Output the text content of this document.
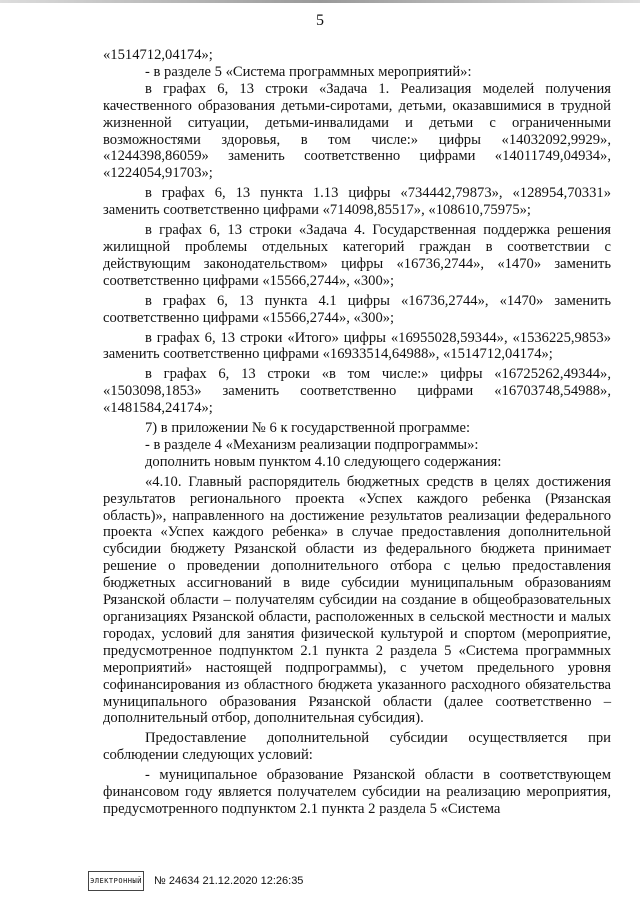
5

«1514712,04174»;

- в разделе 5 «Система программных мероприятий»:

в графах 6, 13 строки «Задача 1. Реализация моделей получения качественного образования детьми-сиротами, детьми, оказавшимися в трудной жизненной ситуации, детьми-инвалидами и детьми с ограниченными возможностями здоровья, в том числе:» цифры «14032092,9929», «1244398,86059» заменить соответственно цифрами «14011749,04934», «1224054,91703»;

в графах 6, 13 пункта 1.13 цифры «734442,79873», «128954,70331» заменить соответственно цифрами «714098,85517», «108610,75975»;

в графах 6, 13 строки «Задача 4. Государственная поддержка решения жилищной проблемы отдельных категорий граждан в соответствии с действующим законодательством» цифры «16736,2744», «1470» заменить соответственно цифрами «15566,2744», «300»;

в графах 6, 13 пункта 4.1 цифры «16736,2744», «1470» заменить соответственно цифрами «15566,2744», «300»;

в графах 6, 13 строки «Итого» цифры «16955028,59344», «1536225,9853» заменить соответственно цифрами «16933514,64988», «1514712,04174»;

в графах 6, 13 строки «в том числе:» цифры «16725262,49344», «1503098,1853» заменить соответственно цифрами «16703748,54988», «1481584,24174»;

7) в приложении № 6 к государственной программе:

- в разделе 4 «Механизм реализации подпрограммы»:

дополнить новым пунктом 4.10 следующего содержания:

«4.10. Главный распорядитель бюджетных средств в целях достижения результатов регионального проекта «Успех каждого ребенка (Рязанская область)», направленного на достижение результатов реализации федерального проекта «Успех каждого ребенка» в случае предоставления дополнительной субсидии бюджету Рязанской области из федерального бюджета принимает решение о проведении дополнительного отбора с целью предоставления бюджетных ассигнований в виде субсидии муниципальным образованиям Рязанской области – получателям субсидии на создание в общеобразовательных организациях Рязанской области, расположенных в сельской местности и малых городах, условий для занятия физической культурой и спортом (мероприятие, предусмотренное подпунктом 2.1 пункта 2 раздела 5 «Система программных мероприятий» настоящей подпрограммы), с учетом предельного уровня софинансирования из областного бюджета указанного расходного обязательства муниципального образования Рязанской области (далее соответственно – дополнительный отбор, дополнительная субсидия).

Предоставление дополнительной субсидии осуществляется при соблюдении следующих условий:

- муниципальное образование Рязанской области в соответствующем финансовом году является получателем субсидии на реализацию мероприятия, предусмотренного подпунктом 2.1 пункта 2 раздела 5 «Система

ЭЛЕКТРОННЫЙ № 24634 21.12.2020 12:26:35
